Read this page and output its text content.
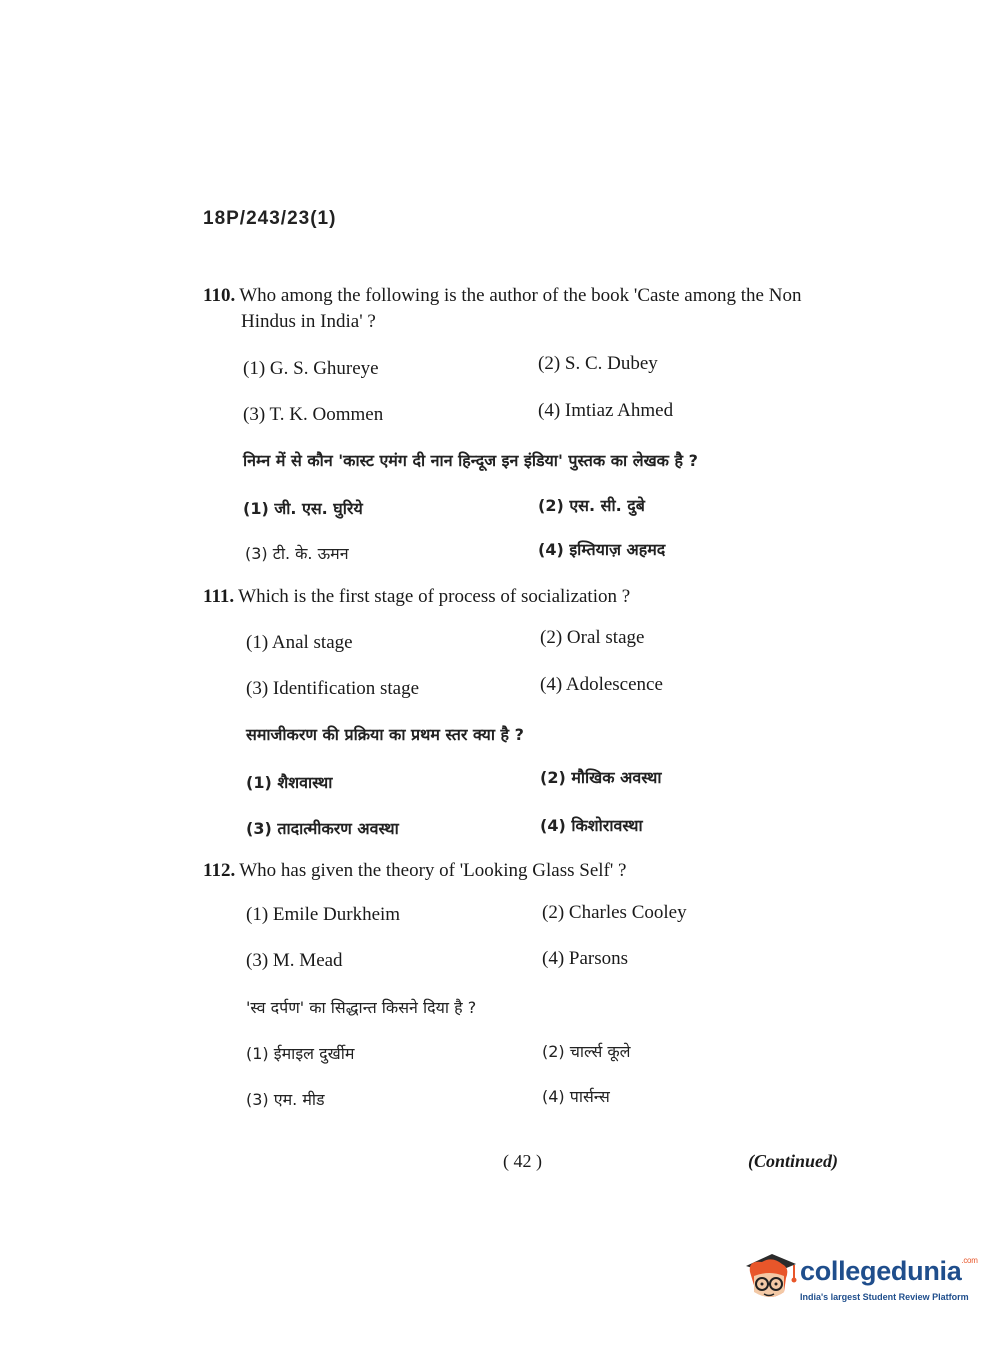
18P/243/23(1)
110. Who among the following is the author of the book 'Caste among the Non
Hindus in India' ?
(1) G. S. Ghureye	(2) S. C. Dubey
(3) T. K. Oommen	(4) Imtiaz Ahmed
निम्न में से कौन 'कास्ट एमंग दी नान हिन्दूज इन इंडिया' पुस्तक का लेखक है ?
(1) जी. एस. घुरिये	(2) एस. सी. दुबे
(3) टी. के. ऊमन	(4) इम्तियाज़ अहमद
111. Which is the first stage of process of socialization ?
(1) Anal stage	(2) Oral stage
(3) Identification stage	(4) Adolescence
समाजीकरण की प्रक्रिया का प्रथम स्तर क्या है ?
(1) शैशवास्था	(2) मौखिक अवस्था
(3) तादात्मीकरण अवस्था	(4) किशोरावस्था
112. Who has given the theory of 'Looking Glass Self' ?
(1) Emile Durkheim	(2) Charles Cooley
(3) M. Mead	(4) Parsons
'स्व दर्पण' का सिद्धान्त किसने दिया है ?
(1) ईमाइल दुर्खीम	(2) चार्ल्स कूले
(3) एम. मीड	(4) पार्सन्स
( 42 )	(Continued)
collegedunia$^{.com}$
India's largest Student Review Platform
